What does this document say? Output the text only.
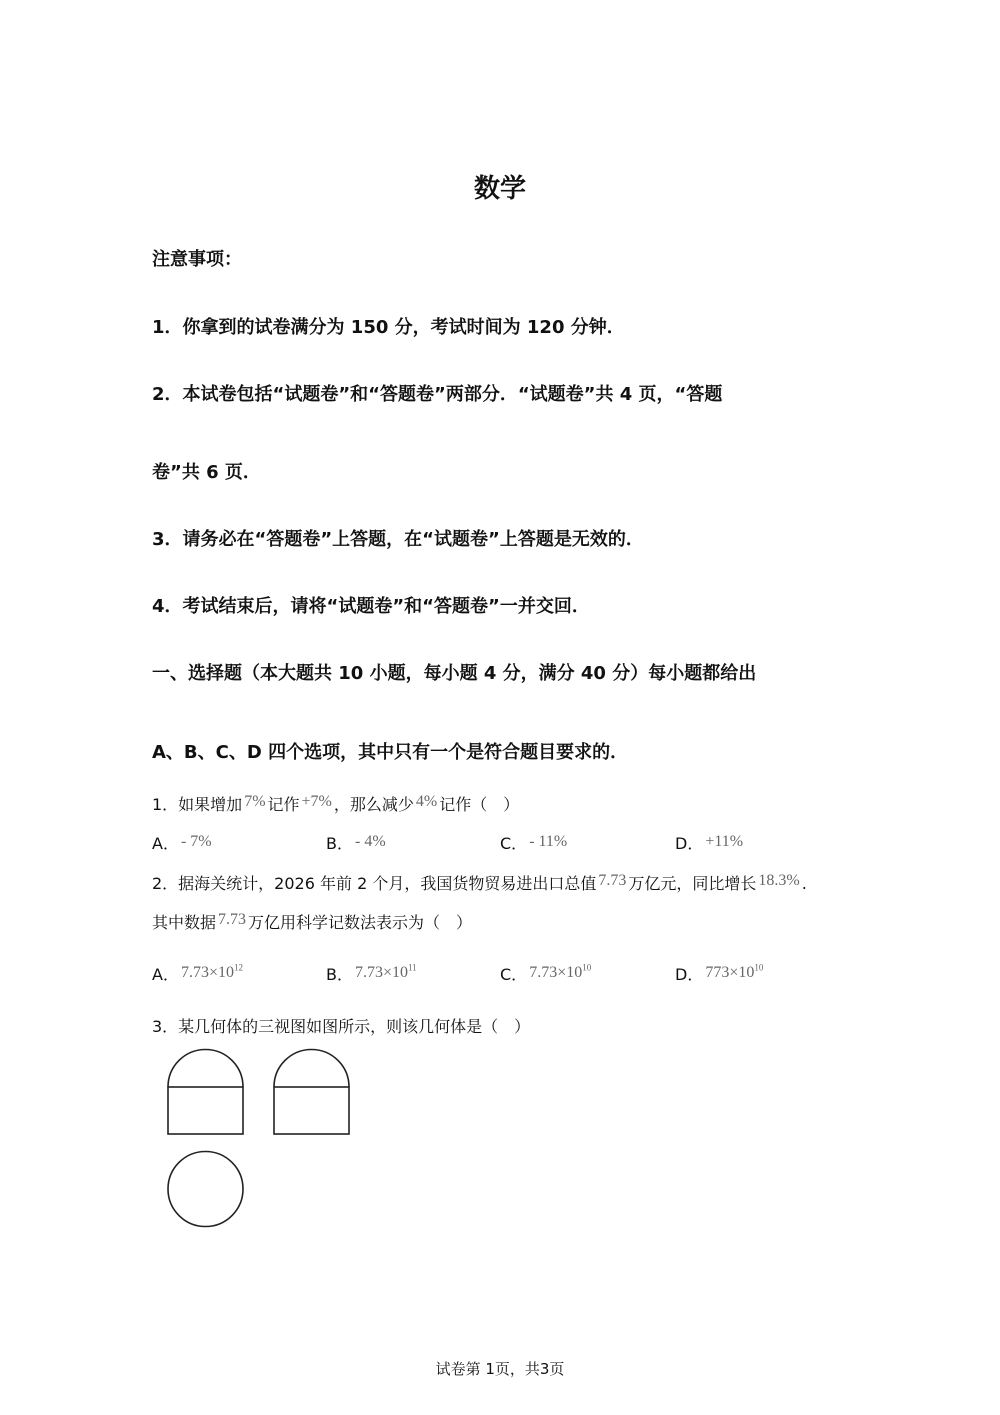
数学
注意事项：
1．你拿到的试卷满分为 150 分，考试时间为 120 分钟．
2．本试卷包括“试题卷”和“答题卷”两部分．“试题卷”共 4 页，“答题
卷”共 6 页．
3．请务必在“答题卷”上答题，在“试题卷”上答题是无效的．
4．考试结束后，请将“试题卷”和“答题卷”一并交回．
一、选择题（本大题共 10 小题，每小题 4 分，满分 40 分）每小题都给出
A、B、C、D 四个选项，其中只有一个是符合题目要求的．
1．如果增加 7% 记作 +7% ，那么减少 4% 记作（　）
A． - 7%	B． - 4%	C． - 11%	D． +11%
2．据海关统计，2026 年前 2 个月，我国货物贸易进出口总值 7.73 万亿元，同比增长 18.3% .
其中数据 7.73 万亿用科学记数法表示为（　）
A． $7.73\times 10^{12}$	B． $7.73\times 10^{11}$	C． $7.73\times 10^{10}$	D． $773\times 10^{10}$
3．某几何体的三视图如图所示，则该几何体是（　）
试卷第 1页，共3页
